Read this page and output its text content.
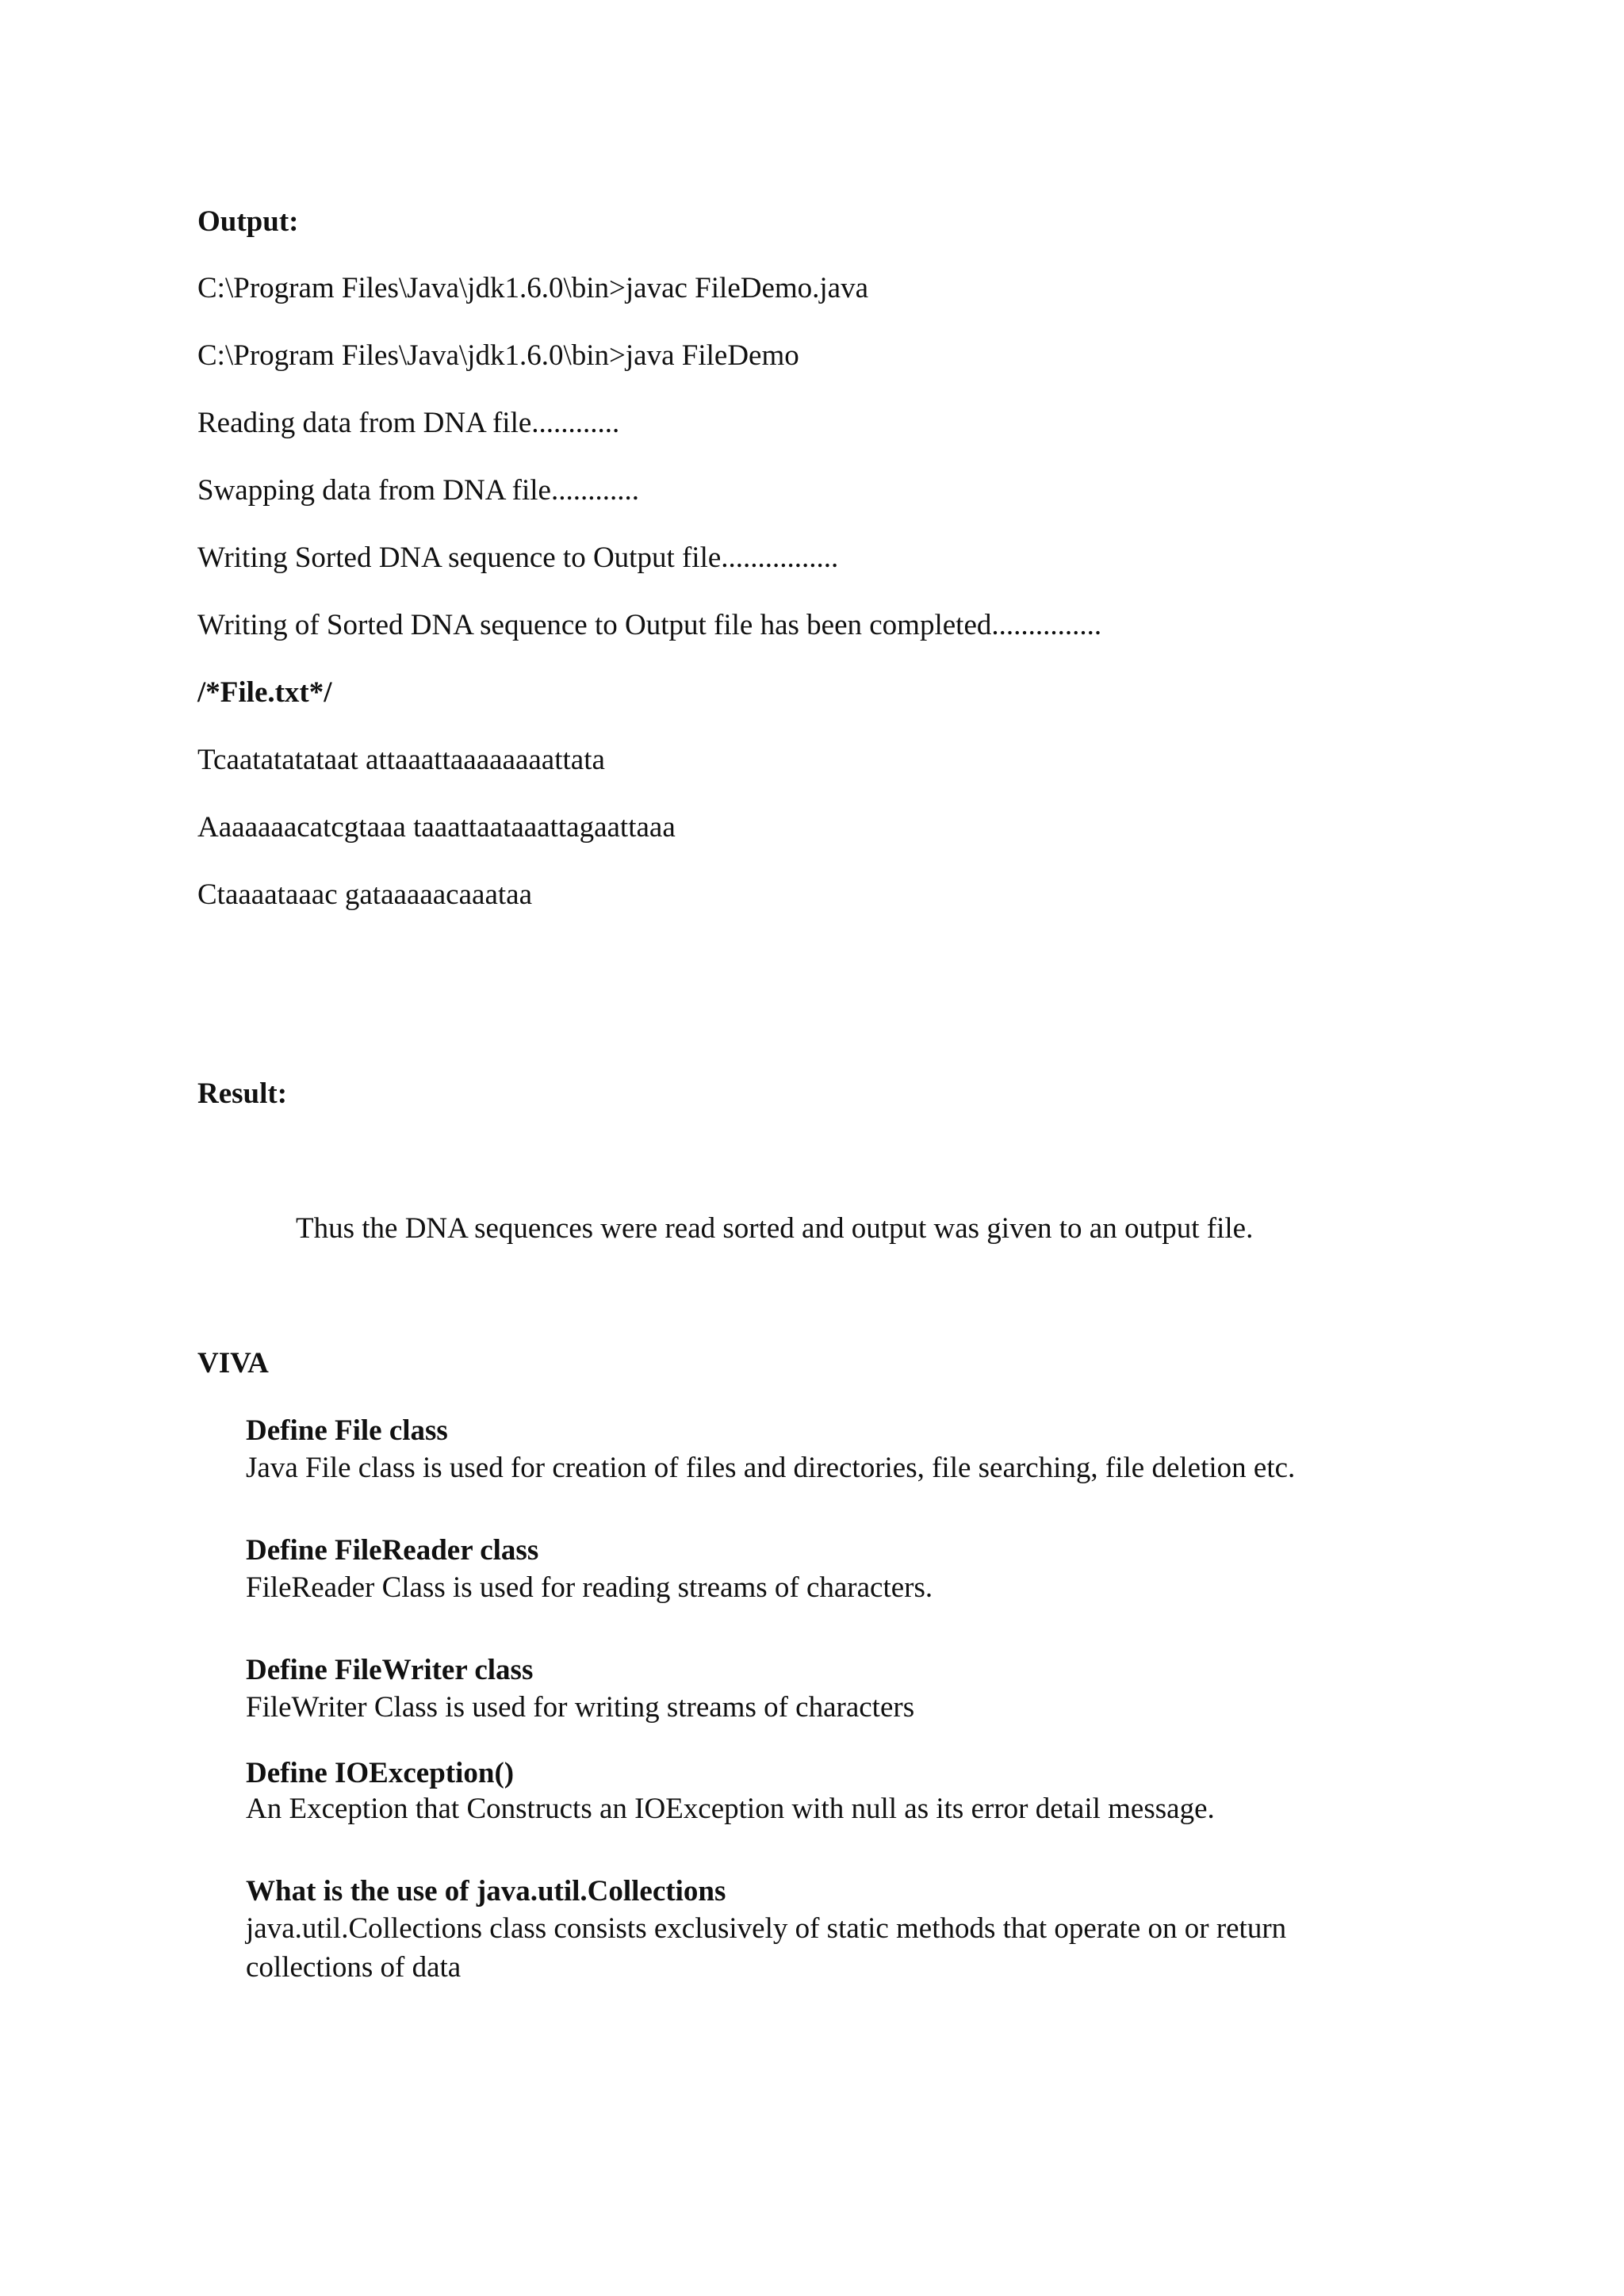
Output:

C:\Program Files\Java\jdk1.6.0\bin>javac FileDemo.java

C:\Program Files\Java\jdk1.6.0\bin>java FileDemo

Reading data from DNA file............

Swapping data from DNA file............

Writing Sorted DNA sequence to Output file................

Writing of Sorted DNA sequence to Output file has been completed...............

/*File.txt*/

Tcaatatatataat attaaattaaaaaaaattata

Aaaaaaacatcgtaaa taaattaataaattagaattaaa

Ctaaaataaac gataaaaacaaataa

Result:

Thus the DNA sequences were read sorted and output was given to an output file.

VIVA

Define File class

Java File class is used for creation of files and directories, file searching, file deletion etc.

Define FileReader class

FileReader Class is used for reading streams of characters.

Define FileWriter class

FileWriter Class is used for writing streams of characters

Define IOException()

An Exception that Constructs an IOException with null as its error detail message.

What is the use of java.util.Collections

java.util.Collections class consists exclusively of static methods that operate on or return collections of data
